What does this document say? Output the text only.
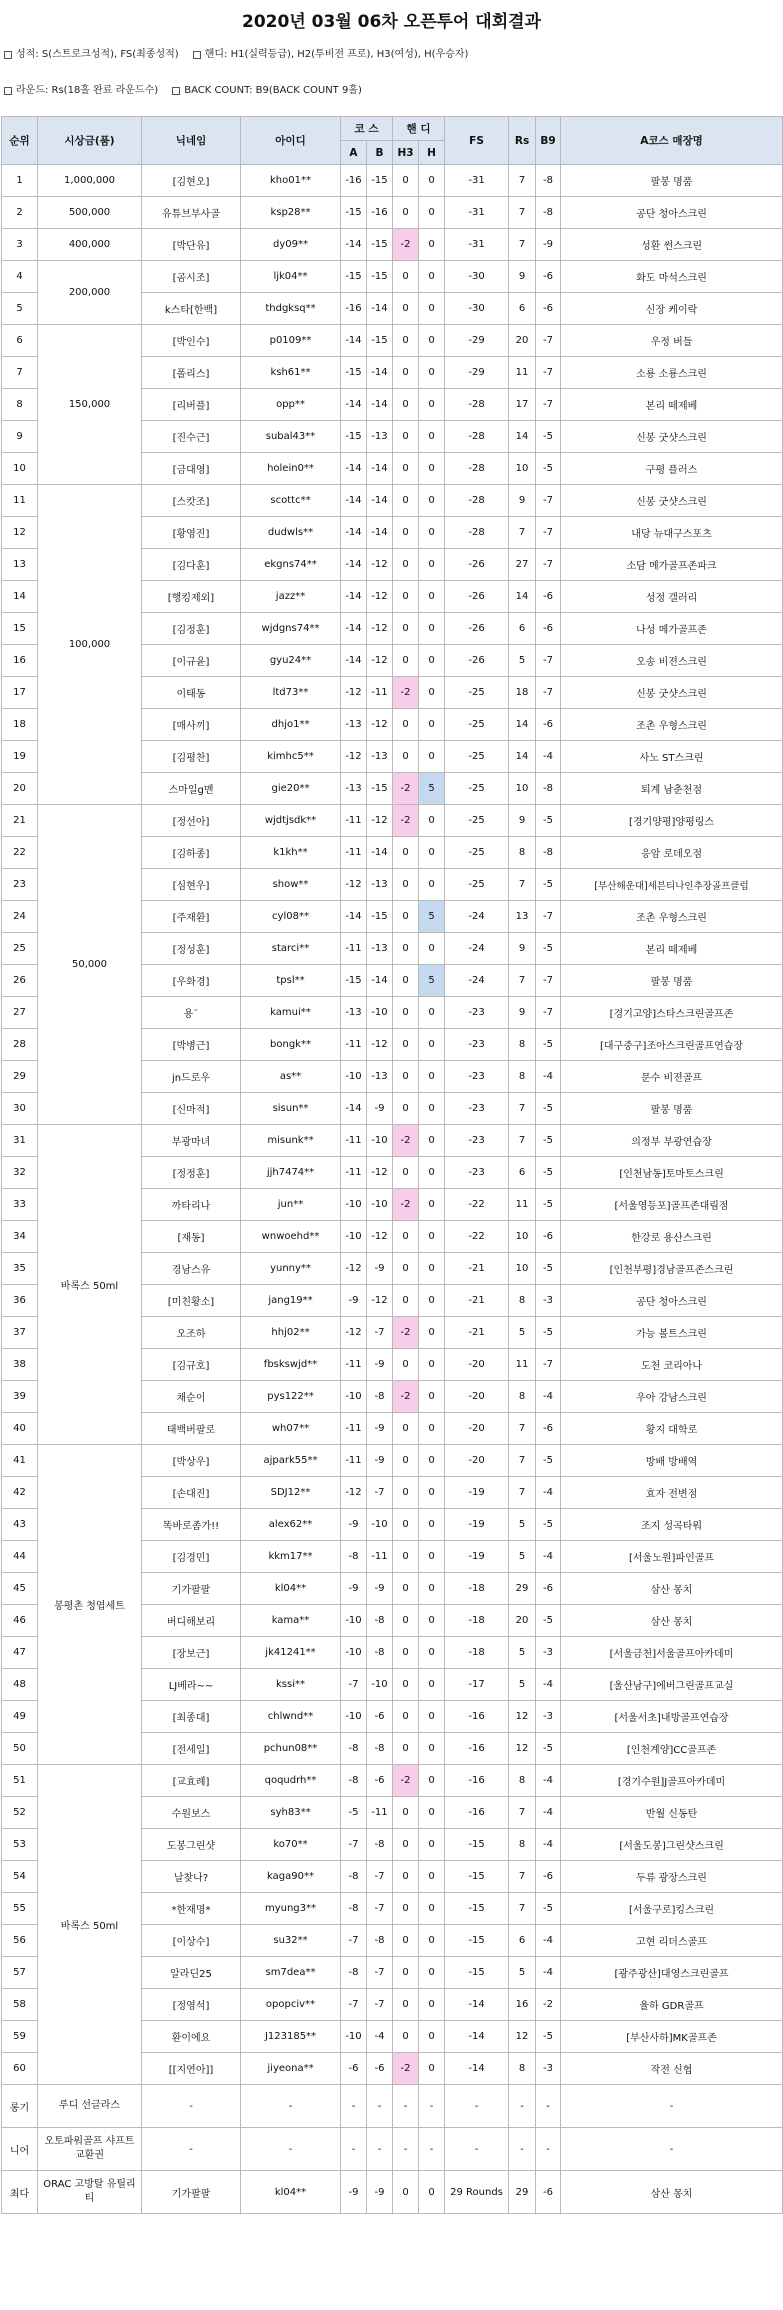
2020년 03월 06차 오픈투어 대회결과
성적: S(스트로크성적), FS(최종성적)	핸디: H1(실력등급), H2(투비전 프로), H3(여성), H(우승자)
라운드: Rs(18홀 완료 라운드수)	BACK COUNT: B9(BACK COUNT 9홀)
순위	시상금(품)	닉네임	아이디	코 스		핸 디		FS	Rs	B9	A코스 매장명
				A	B	H3	H				
1	1,000,000	[김현오]	kho01**	-16	-15	0	0	-31	7	-8	팔봉 명품
2	500,000	유튜브부사골	ksp28**	-15	-16	0	0	-31	7	-8	공단 청아스크린
3	400,000	[박단유]	dy09**	-14	-15	-2	0	-31	7	-9	성환 썬스크린
4	200,000	[곰시조]	ljk04**	-15	-15	0	0	-30	9	-6	화도 마석스크린
5		k스타[한백]	thdgksq**	-16	-14	0	0	-30	6	-6	신장 케이락
6	150,000	[박인수]	p0109**	-14	-15	0	0	-29	20	-7	우정 버들
7		[폴리스]	ksh61**	-15	-14	0	0	-29	11	-7	소룡 소룡스크린
8		[리버플]	opp**	-14	-14	0	0	-28	17	-7	본리 떼제베
9		[진수근]	subal43**	-15	-13	0	0	-28	14	-5	신봉 굿샷스크린
10		[금대영]	holein0**	-14	-14	0	0	-28	10	-5	구평 플러스
11	100,000	[스캇조]	scottc**	-14	-14	0	0	-28	9	-7	신봉 굿샷스크린
12		[황영진]	dudwls**	-14	-14	0	0	-28	7	-7	내당 뉴대구스포츠
13		[김다훈]	ekgns74**	-14	-12	0	0	-26	27	-7	소담 메가골프존파크
14		[행킹제외]	jazz**	-14	-12	0	0	-26	14	-6	성정 갤러리
15		[김정훈]	wjdgns74**	-14	-12	0	0	-26	6	-6	나성 메가골프존
16		[이규윤]	gyu24**	-14	-12	0	0	-26	5	-7	오송 비젼스크린
17		이태동	ltd73**	-12	-11	-2	0	-25	18	-7	신봉 굿샷스크린
18		[매사끼]	dhjo1**	-13	-12	0	0	-25	14	-6	조촌 우형스크린
19		[김평찬]	kimhc5**	-12	-13	0	0	-25	14	-4	사노 ST스크린
20		스마일g맨	gie20**	-13	-15	-2	5	-25	10	-8	퇴계 남춘천점
21	50,000	[정선아]	wjdtjsdk**	-11	-12	-2	0	-25	9	-5	[경기양평]양평링스
22		[김하종]	k1kh**	-11	-14	0	0	-25	8	-8	응암 로데오점
23		[심현우]	show**	-12	-13	0	0	-25	7	-5	[부산해운대]세븐티나인추장골프클럽
24		[주재환]	cyl08**	-14	-15	0	5	-24	13	-7	조촌 우형스크린
25		[정성훈]	starci**	-11	-13	0	0	-24	9	-5	본리 떼제베
26		[우화경]	tpsl**	-15	-14	0	5	-24	7	-7	팔봉 명품
27		용¨	kamui**	-13	-10	0	0	-23	9	-7	[경기고양]스타스크린골프존
28		[박병근]	bongk**	-11	-12	0	0	-23	8	-5	[대구중구]조아스크린골프연습장
29		jn드로우	as**	-10	-13	0	0	-23	8	-4	문수 비젼골프
30		[신마적]	sisun**	-14	-9	0	0	-23	7	-5	팔봉 명품
31	바록스 50ml	부광마녀	misunk**	-11	-10	-2	0	-23	7	-5	의정부 부광연습장
32		[정정훈]	jjh7474**	-11	-12	0	0	-23	6	-5	[인천남동]토마토스크린
33		까타리나	jun**	-10	-10	-2	0	-22	11	-5	[서울영등포]골프존대림점
34		[재동]	wnwoehd**	-10	-12	0	0	-22	10	-6	한강로 용산스크린
35		경남스유	yunny**	-12	-9	0	0	-21	10	-5	[인천부평]경남골프존스크린
36		[미친황소]	jang19**	-9	-12	0	0	-21	8	-3	공단 청아스크린
37		오조하	hhj02**	-12	-7	-2	0	-21	5	-5	가능 볼트스크린
38		[김규호]	fbskswjd**	-11	-9	0	0	-20	11	-7	도천 코리아나
39		채순이	pys122**	-10	-8	-2	0	-20	8	-4	우아 강남스크린
40		태백버팔로	wh07**	-11	-9	0	0	-20	7	-6	황지 대학로
41	봉평촌 청엽세트	[박상우]	ajpark55**	-11	-9	0	0	-20	7	-5	방배 방배역
42		[손대진]	SDJ12**	-12	-7	0	0	-19	7	-4	효자 전변점
43		똑바로좀가!!	alex62**	-9	-10	0	0	-19	5	-5	조지 성곡타워
44		[김경민]	kkm17**	-8	-11	0	0	-19	5	-4	[서울노원]파인골프
45		기가팔팔	kl04**	-9	-9	0	0	-18	29	-6	삼산 몽치
46		버디해보리	kama**	-10	-8	0	0	-18	20	-5	삼산 몽치
47		[장보근]	jk41241**	-10	-8	0	0	-18	5	-3	[서울금천]서울골프아카데미
48		LJ베라~~	kssi**	-7	-10	0	0	-17	5	-4	[울산남구]에버그린골프교실
49		[최종대]	chlwnd**	-10	-6	0	0	-16	12	-3	[서울서초]내방골프연습장
50		[전세일]	pchun08**	-8	-8	0	0	-16	12	-5	[인천계양]CC골프존
51	바록스 50ml	[교효례]	qoqudrh**	-8	-6	-2	0	-16	8	-4	[경기수원]J골프아카데미
52		수원보스	syh83**	-5	-11	0	0	-16	7	-4	반월 신동탄
53		도봉그린샷	ko70**	-7	-8	0	0	-15	8	-4	[서울도봉]그린샷스크린
54		날찾나?	kaga90**	-8	-7	0	0	-15	7	-6	두류 광장스크린
55		*한재명*	myung3**	-8	-7	0	0	-15	7	-5	[서울구로]킹스크린
56		[이상수]	su32**	-7	-8	0	0	-15	6	-4	고현 리더스골프
57		알라딘25	sm7dea**	-8	-7	0	0	-15	5	-4	[광주광산]대영스크린골프
58		[정영석]	opopciv**	-7	-7	0	0	-14	16	-2	율하 GDR골프
59		환이에요	J123185**	-10	-4	0	0	-14	12	-5	[부산사하]MK골프존
60		[[지연아]]	jiyeona**	-6	-6	-2	0	-14	8	-3	작전 신협
롱기	루디 선글라스	-	-	-	-	-	-	-	-	-	-
니어	오토파워골프 샤프트교환권	-	-	-	-	-	-	-	-	-	-
최다	ORAC 고방탈 유틸리티	기가팔팔	kl04**	-9	-9	0	0	29 Rounds	29	-6	삼산 몽치
